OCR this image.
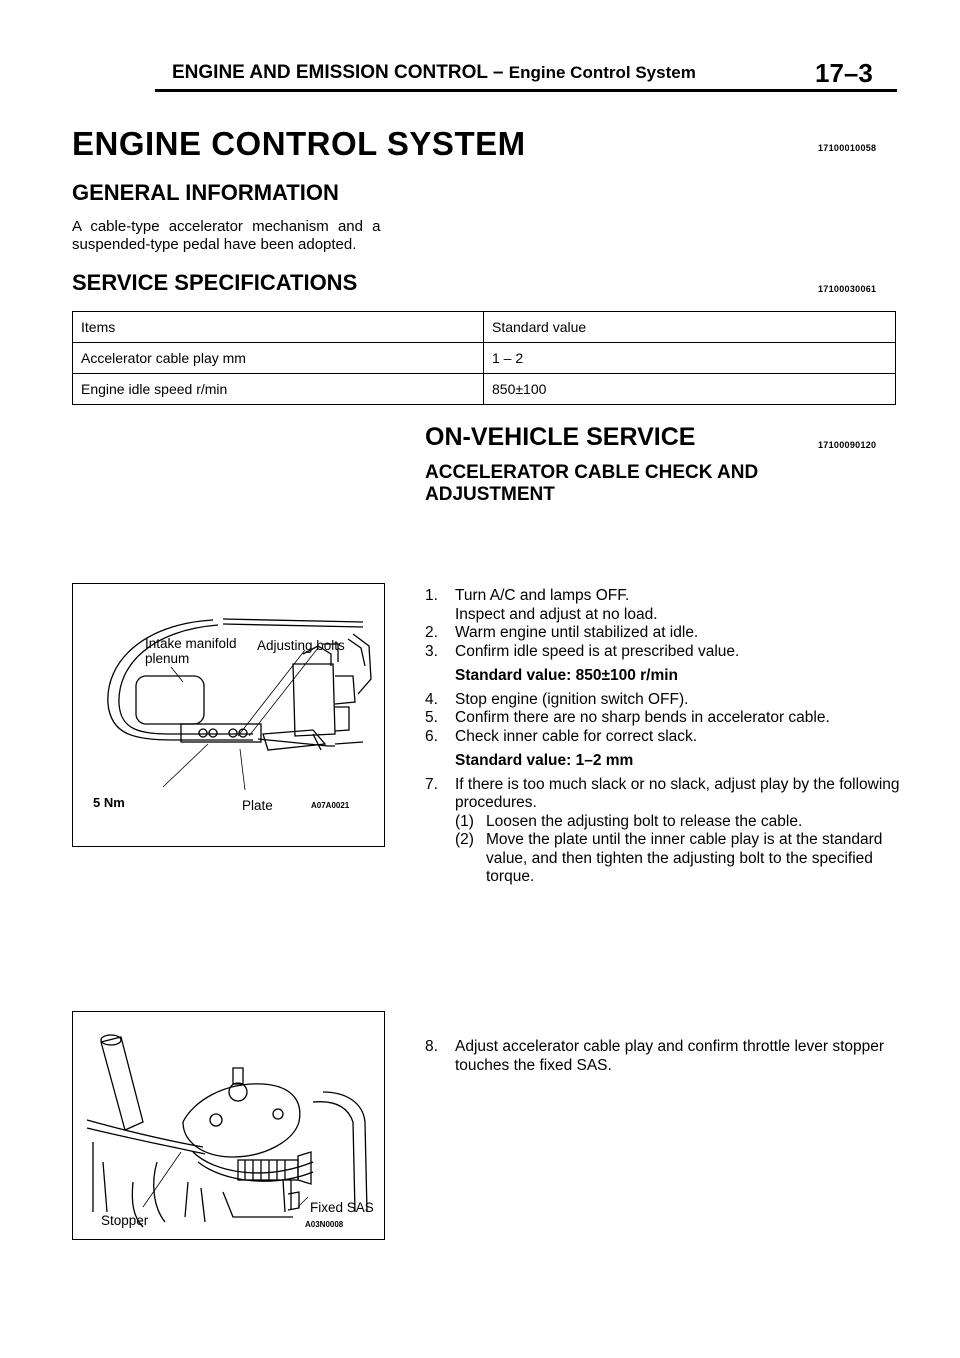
ENGINE AND EMISSION CONTROL – Engine Control System	17–3
ENGINE CONTROL SYSTEM	17100010058
GENERAL INFORMATION
A cable-type accelerator mechanism and a
suspended-type pedal have been adopted.
SERVICE SPECIFICATIONS	17100030061
Items	Standard value
Accelerator cable play mm	1 – 2
Engine idle speed r/min	850±100
ON-VEHICLE SERVICE	17100090120
ACCELERATOR CABLE CHECK AND
ADJUSTMENT
Intake manifold
plenum
Adjusting bolts
5 Nm	Plate	A07A0021
Stopper
Fixed SAS
A03N0008
1.	Turn A/C and lamps OFF.
Inspect and adjust at no load.
2.	Warm engine until stabilized at idle.
3.	Confirm idle speed is at prescribed value.
Standard value: 850±100 r/min
4.	Stop engine (ignition switch OFF).
5.	Confirm there are no sharp bends in accelerator cable.
6.	Check inner cable for correct slack.
Standard value: 1–2 mm
7.	If there is too much slack or no slack, adjust play by the following procedures.
(1) Loosen the adjusting bolt to release the cable.
(2) Move the plate until the inner cable play is at the standard value, and then tighten the adjusting bolt to the specified torque.
8.	Adjust accelerator cable play and confirm throttle lever stopper touches the fixed SAS.
